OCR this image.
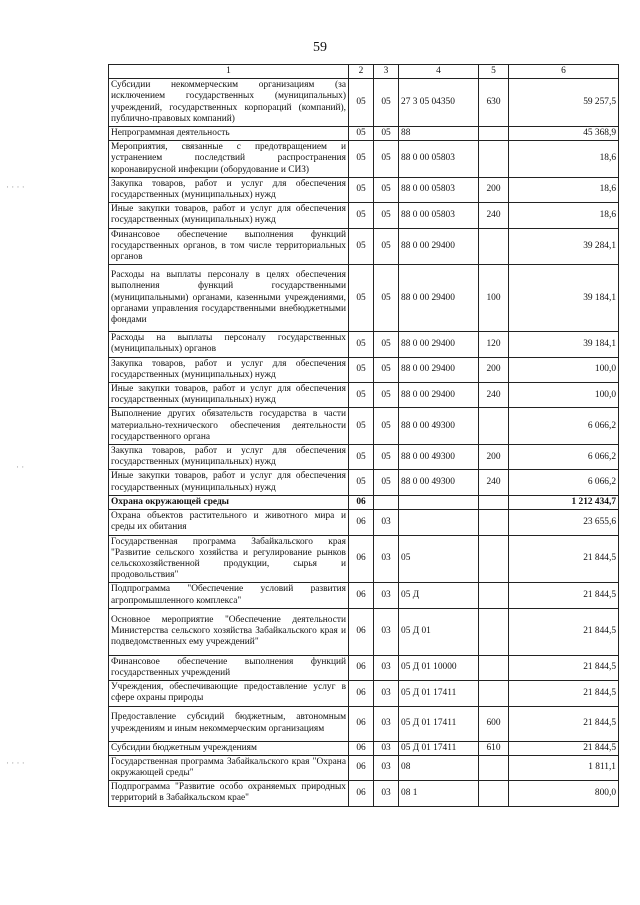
59
· · · ·
· ·
· · · ·
1	2	3	4	5	6
Субсидии некоммерческим организациям (за исключением государственных (муниципальных) учреждений, государственных корпораций (компаний), публично-правовых компаний)	05	05	27 3 05 04350	630	59 257,5
Непрограммная деятельность	05	05	88		45 368,9
Мероприятия, связанные с предотвращением и устранением последствий распространения коронавирусной инфекции (оборудование и СИЗ)	05	05	88 0 00 05803		18,6
Закупка товаров, работ и услуг для обеспечения государственных (муниципальных) нужд	05	05	88 0 00 05803	200	18,6
Иные закупки товаров, работ и услуг для обеспечения государственных (муниципальных) нужд	05	05	88 0 00 05803	240	18,6
Финансовое обеспечение выполнения функций государственных органов, в том числе территориальных органов	05	05	88 0 00 29400		39 284,1
Расходы на выплаты персоналу в целях обеспечения выполнения функций государственными (муниципальными) органами, казенными учреждениями, органами управления государственными внебюджетными фондами	05	05	88 0 00 29400	100	39 184,1
Расходы на выплаты персоналу государственных (муниципальных) органов	05	05	88 0 00 29400	120	39 184,1
Закупка товаров, работ и услуг для обеспечения государственных (муниципальных) нужд	05	05	88 0 00 29400	200	100,0
Иные закупки товаров, работ и услуг для обеспечения государственных (муниципальных) нужд	05	05	88 0 00 29400	240	100,0
Выполнение других обязательств государства в части материально-технического обеспечения деятельности государственного органа	05	05	88 0 00 49300		6 066,2
Закупка товаров, работ и услуг для обеспечения государственных (муниципальных) нужд	05	05	88 0 00 49300	200	6 066,2
Иные закупки товаров, работ и услуг для обеспечения государственных (муниципальных) нужд	05	05	88 0 00 49300	240	6 066,2
Охрана окружающей среды	06				1 212 434,7
Охрана объектов растительного и животного мира и среды их обитания	06	03			23 655,6
Государственная программа Забайкальского края "Развитие сельского хозяйства и регулирование рынков сельскохозяйственной продукции, сырья и продовольствия"	06	03	05		21 844,5
Подпрограмма "Обеспечение условий развития агропромышленного комплекса"	06	03	05 Д		21 844,5
Основное мероприятие "Обеспечение деятельности Министерства сельского хозяйства Забайкальского края и подведомственных ему учреждений"	06	03	05 Д 01		21 844,5
Финансовое обеспечение выполнения функций государственных учреждений	06	03	05 Д 01 10000		21 844,5
Учреждения, обеспечивающие предоставление услуг в сфере охраны природы	06	03	05 Д 01 17411		21 844,5
Предоставление субсидий бюджетным, автономным учреждениям и иным некоммерческим организациям	06	03	05 Д 01 17411	600	21 844,5
Субсидии бюджетным учреждениям	06	03	05 Д 01 17411	610	21 844,5
Государственная программа Забайкальского края "Охрана окружающей среды"	06	03	08		1 811,1
Подпрограмма "Развитие особо охраняемых природных территорий в Забайкальском крае"	06	03	08 1		800,0
